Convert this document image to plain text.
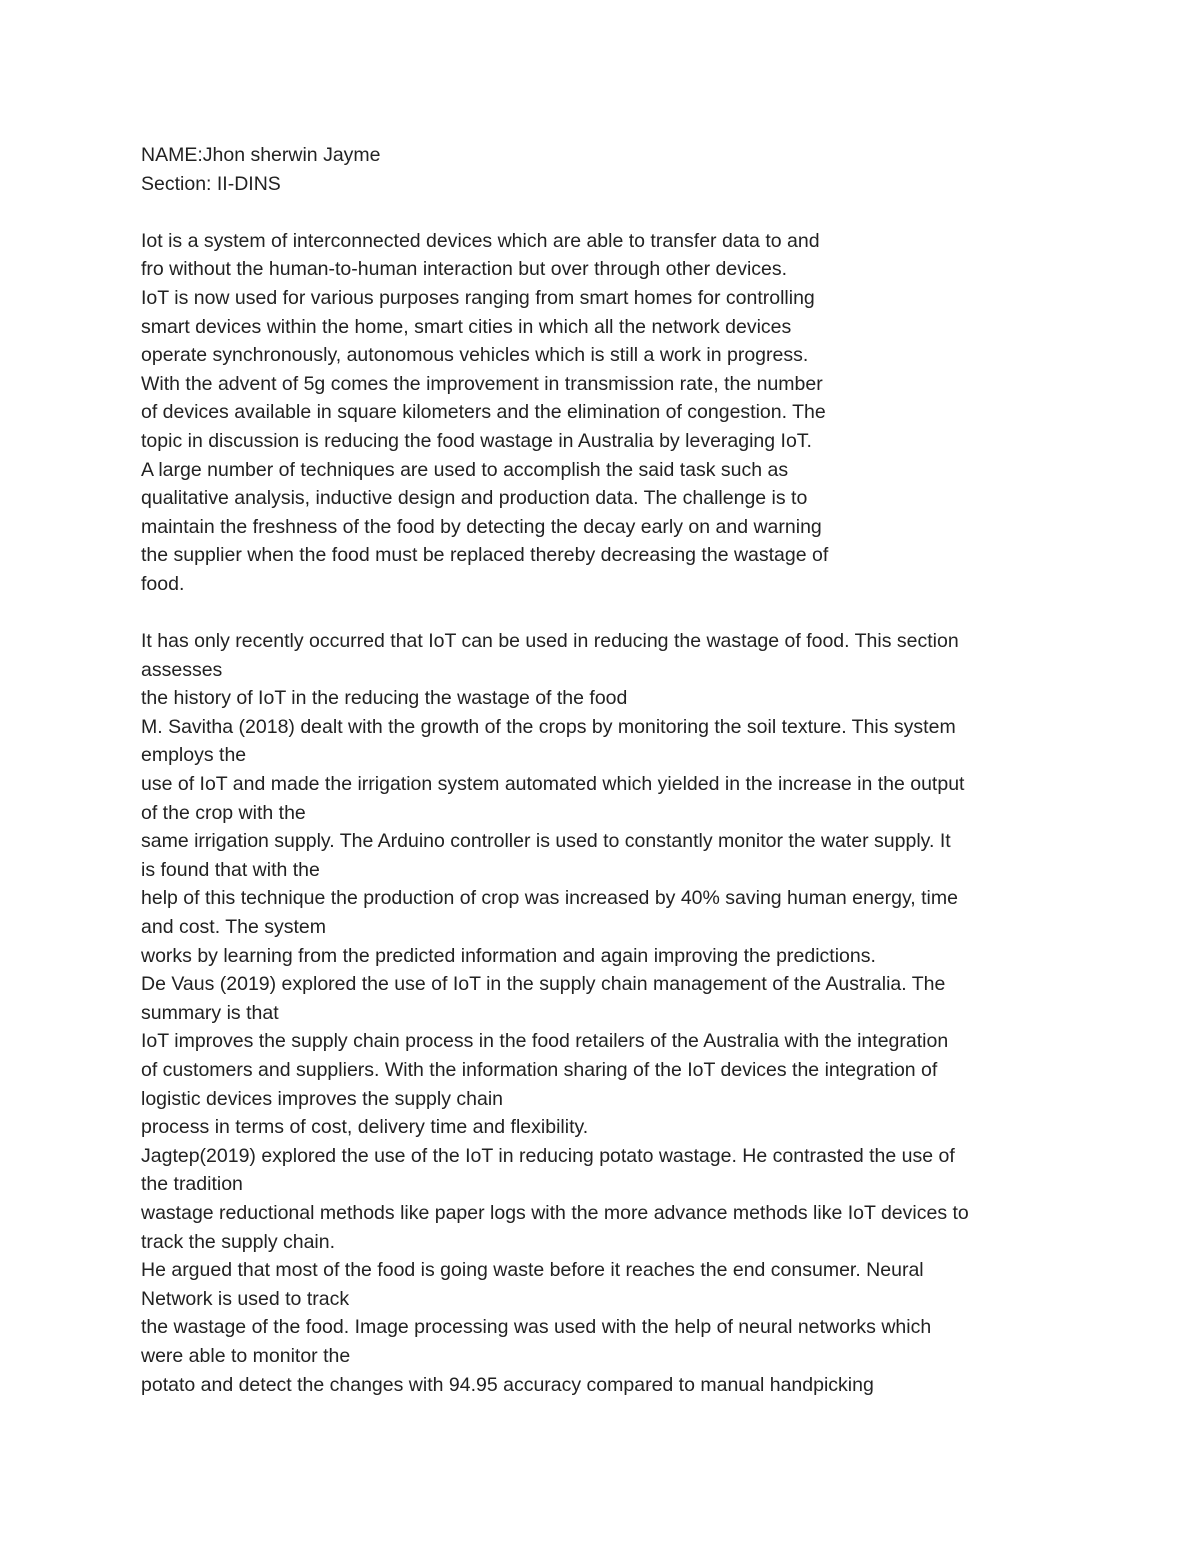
NAME:Jhon sherwin Jayme
Section: II-DINS
Iot is a system of interconnected devices which are able to transfer data to and
fro without the human-to-human interaction but over through other devices.
IoT is now used for various purposes ranging from smart homes for controlling
smart devices within the home, smart cities in which all the network devices
operate synchronously, autonomous vehicles which is still a work in progress.
With the advent of 5g comes the improvement in transmission rate, the number
of devices available in square kilometers and the elimination of congestion. The
topic in discussion is reducing the food wastage in Australia by leveraging IoT.
A large number of techniques are used to accomplish the said task such as
qualitative analysis, inductive design and production data. The challenge is to
maintain the freshness of the food by detecting the decay early on and warning
the supplier when the food must be replaced thereby decreasing the wastage of
food.
It has only recently occurred that IoT can be used in reducing the wastage of food. This section
assesses
the history of IoT in the reducing the wastage of the food
M. Savitha (2018) dealt with the growth of the crops by monitoring the soil texture. This system
employs the
use of IoT and made the irrigation system automated which yielded in the increase in the output
of the crop with the
same irrigation supply. The Arduino controller is used to constantly monitor the water supply. It
is found that with the
help of this technique the production of crop was increased by 40% saving human energy, time
and cost. The system
works by learning from the predicted information and again improving the predictions.
De Vaus (2019) explored the use of IoT in the supply chain management of the Australia. The
summary is that
IoT improves the supply chain process in the food retailers of the Australia with the integration
of customers and suppliers. With the information sharing of the IoT devices the integration of
logistic devices improves the supply chain
process in terms of cost, delivery time and flexibility.
Jagtep(2019) explored the use of the IoT in reducing potato wastage. He contrasted the use of
the tradition
wastage reductional methods like paper logs with the more advance methods like IoT devices to
track the supply chain.
He argued that most of the food is going waste before it reaches the end consumer. Neural
Network is used to track
the wastage of the food. Image processing was used with the help of neural networks which
were able to monitor the
potato and detect the changes with 94.95 accuracy compared to manual handpicking
